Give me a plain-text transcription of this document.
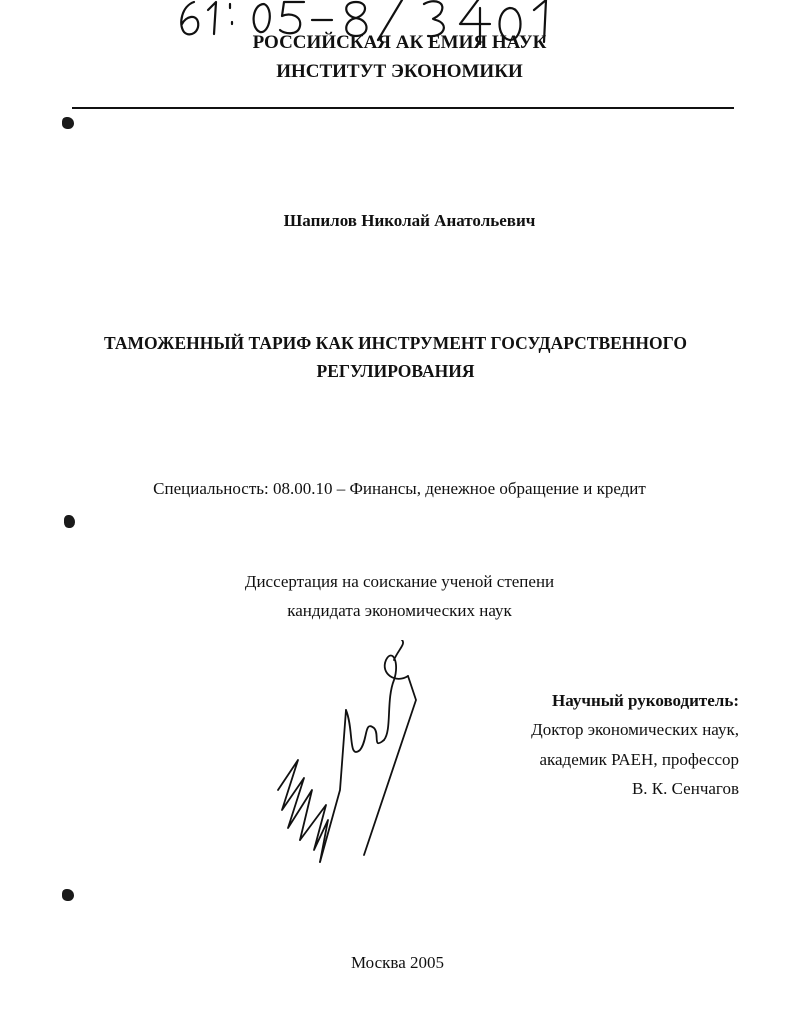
РОССИЙСКАЯ АК ЕМИЯ НАУК
ИНСТИТУТ ЭКОНОМИКИ
Шапилов Николай Анатольевич
ТАМОЖЕННЫЙ ТАРИФ КАК ИНСТРУМЕНТ ГОСУДАРСТВЕННОГО
РЕГУЛИРОВАНИЯ
Специальность: 08.00.10 – Финансы, денежное обращение и кредит
Диссертация на соискание ученой степени
кандидата экономических наук
Научный руководитель:
Доктор экономических наук,
академик РАЕН, профессор
В. К. Сенчагов
Москва 2005
